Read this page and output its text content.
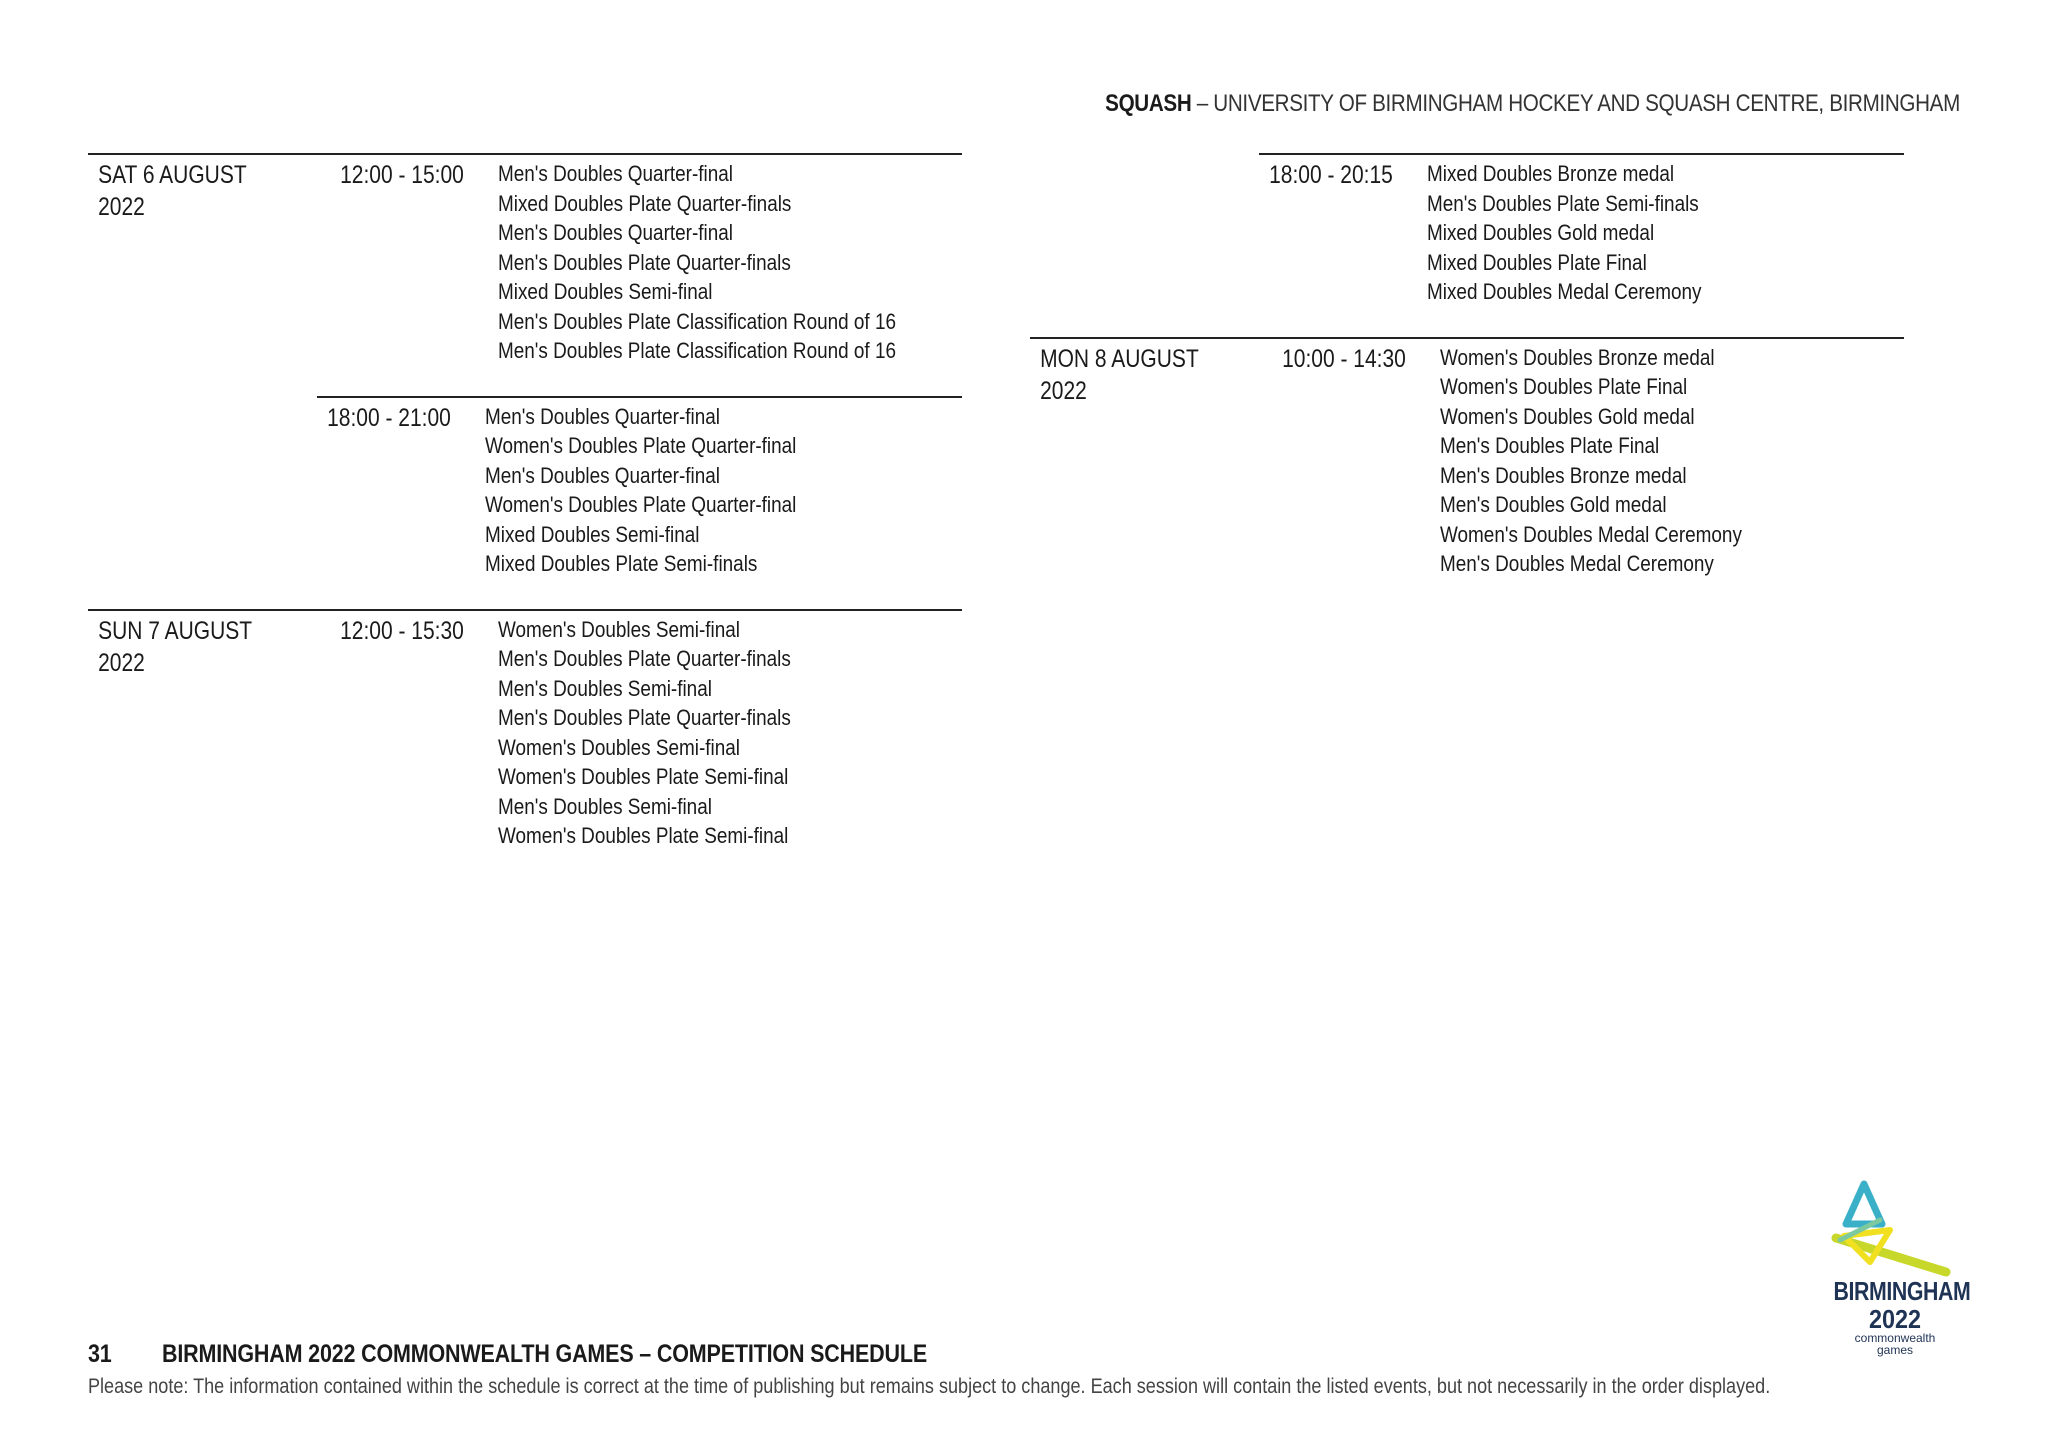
SQUASH – UNIVERSITY OF BIRMINGHAM HOCKEY AND SQUASH CENTRE, BIRMINGHAM
SAT 6 AUGUST 2022
12:00 - 15:00 Men's Doubles Quarter-final
Mixed Doubles Plate Quarter-finals
Men's Doubles Quarter-final
Men's Doubles Plate Quarter-finals
Mixed Doubles Semi-final
Men's Doubles Plate Classification Round of 16
Men's Doubles Plate Classification Round of 16
18:00 - 21:00 Men's Doubles Quarter-final
Women's Doubles Plate Quarter-final
Men's Doubles Quarter-final
Women's Doubles Plate Quarter-final
Mixed Doubles Semi-final
Mixed Doubles Plate Semi-finals
SUN 7 AUGUST 2022
12:00 - 15:30 Women's Doubles Semi-final
Men's Doubles Plate Quarter-finals
Men's Doubles Semi-final
Men's Doubles Plate Quarter-finals
Women's Doubles Semi-final
Women's Doubles Plate Semi-final
Men's Doubles Semi-final
Women's Doubles Plate Semi-final
18:00 - 20:15 Mixed Doubles Bronze medal
Men's Doubles Plate Semi-finals
Mixed Doubles Gold medal
Mixed Doubles Plate Final
Mixed Doubles Medal Ceremony
MON 8 AUGUST 2022
10:00 - 14:30 Women's Doubles Bronze medal
Women's Doubles Plate Final
Women's Doubles Gold medal
Men's Doubles Plate Final
Men's Doubles Bronze medal
Men's Doubles Gold medal
Women's Doubles Medal Ceremony
Men's Doubles Medal Ceremony
BIRMINGHAM
2022
commonwealth
games
31 BIRMINGHAM 2022 COMMONWEALTH GAMES – COMPETITION SCHEDULE
Please note: The information contained within the schedule is correct at the time of publishing but remains subject to change. Each session will contain the listed events, but not necessarily in the order displayed.
